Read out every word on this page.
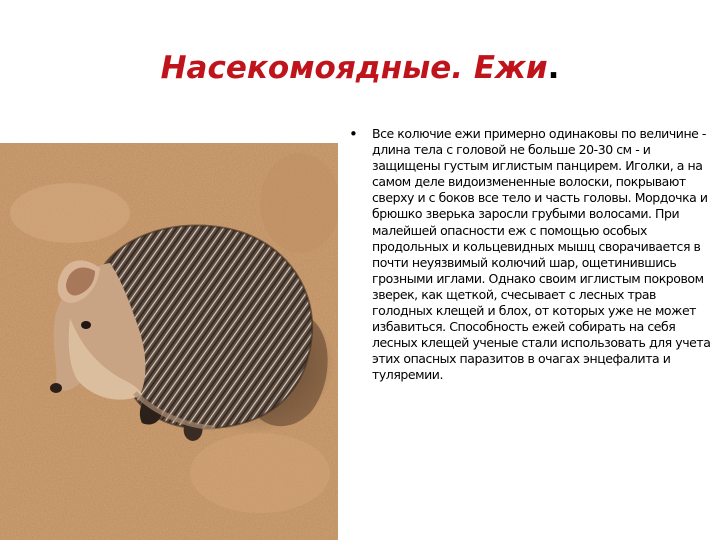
Насекомоядные. Ежи.
• Все колючие ежи примерно одинаковы по величине - длина тела с головой не больше 20-30 см - и защищены густым иглистым панцирем. Иголки, а на самом деле видоизмененные волоски, покрывают сверху и с боков все тело и часть головы. Мордочка и брюшко зверька заросли грубыми волосами. При малейшей опасности еж с помощью особых продольных и кольцевидных мышц сворачивается в почти неуязвимый колючий шар, ощетинившись грозными иглами. Однако своим иглистым покровом зверек, как щеткой, счесывает с лесных трав голодных клещей и блох, от которых уже не может избавиться. Способность ежей собирать на себя лесных клещей ученые стали использовать для учета этих опасных паразитов в очагах энцефалита и туляремии.
